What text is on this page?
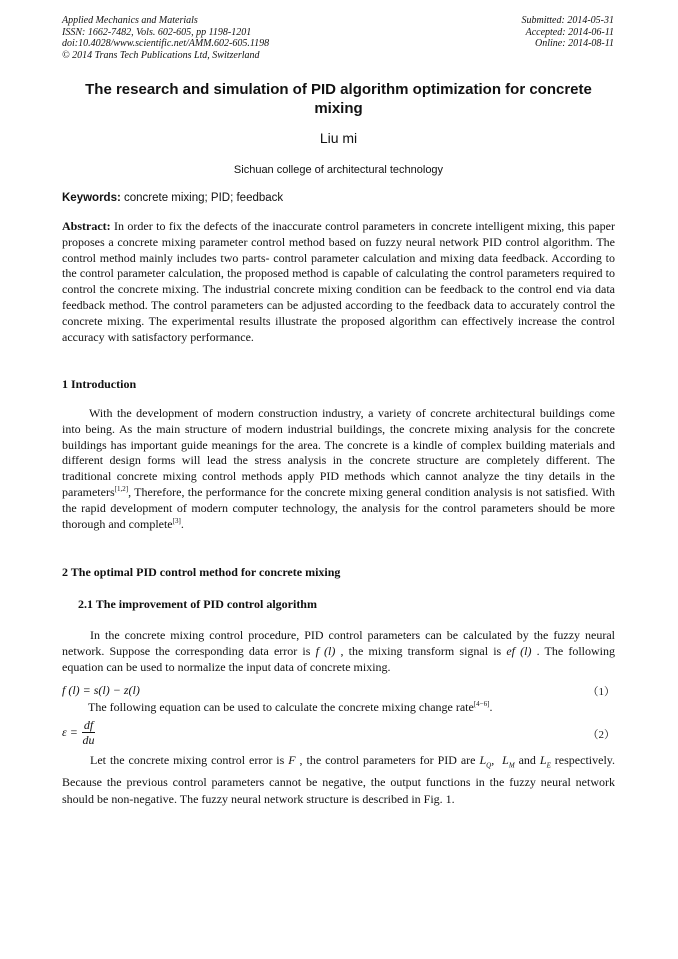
Applied Mechanics and Materials
ISSN: 1662-7482, Vols. 602-605, pp 1198-1201
doi:10.4028/www.scientific.net/AMM.602-605.1198
© 2014 Trans Tech Publications Ltd, Switzerland
Submitted: 2014-05-31
Accepted: 2014-06-11
Online: 2014-08-11
The research and simulation of PID algorithm optimization for concrete mixing
Liu mi
Sichuan college of architectural technology
Keywords: concrete mixing; PID; feedback
Abstract: In order to fix the defects of the inaccurate control parameters in concrete intelligent mixing, this paper proposes a concrete mixing parameter control method based on fuzzy neural network PID control algorithm. The control method mainly includes two parts- control parameter calculation and mixing data feedback. According to the control parameter calculation, the proposed method is capable of calculating the control parameters required to control the concrete mixing. The industrial concrete mixing condition can be feedback to the control end via data feedback method. The control parameters can be adjusted according to the feedback data to accurately control the concrete mixing. The experimental results illustrate the proposed algorithm can effectively increase the control accuracy with satisfactory performance.
1 Introduction
With the development of modern construction industry, a variety of concrete architectural buildings come into being. As the main structure of modern industrial buildings, the concrete mixing analysis for the concrete buildings has important guide meanings for the area. The concrete is a kindle of complex building materials and different design forms will lead the stress analysis in the concrete structure are completely different. The traditional concrete mixing control methods apply PID methods which cannot analyze the tiny details in the parameters[1,2], Therefore, the performance for the concrete mixing general condition analysis is not satisfied. With the rapid development of modern computer technology, the analysis for the control parameters should be more thorough and complete[3].
2 The optimal PID control method for concrete mixing
2.1 The improvement of PID control algorithm
In the concrete mixing control procedure, PID control parameters can be calculated by the fuzzy neural network. Suppose the corresponding data error is f (l) , the mixing transform signal is ef (l) . The following equation can be used to normalize the input data of concrete mixing.
f (l) = s(l) − z(l)	（1）
The following equation can be used to calculate the concrete mixing change rate[4−6].
$\varepsilon = \frac{df}{du}$	（2）
Let the concrete mixing control error is F , the control parameters for PID are $L_Q$,  $L_M$ and $L_E$ respectively. Because the previous control parameters cannot be negative, the output functions in the fuzzy neural network should be non-negative. The fuzzy neural network structure is described in Fig. 1.
